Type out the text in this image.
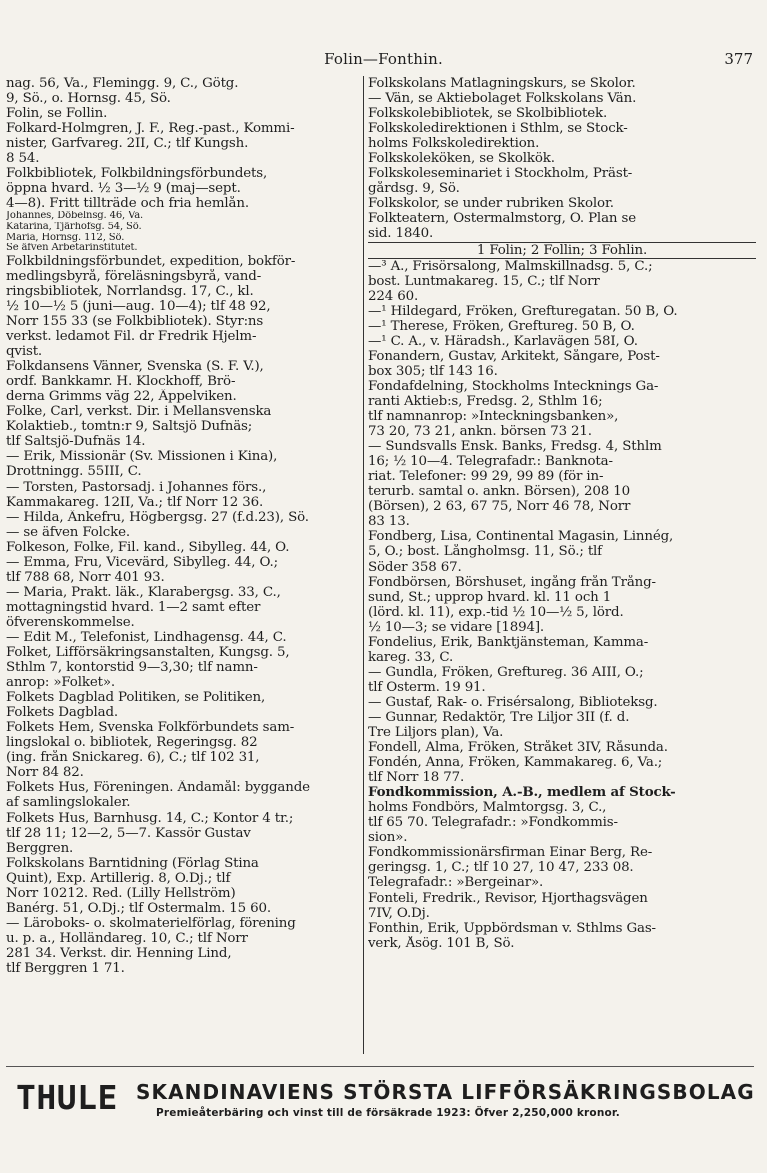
Folin—Fonthin.	377
nag. 56, Va., Flemingg. 9, C., Götg.
9, Sö., o. Hornsg. 45, Sö.
Folin, se Follin.
Folkard-Holmgren, J. F., Reg.-past., Kommi-
nister, Garfvareg. 2II, C.; tlf Kungsh.
8 54.
Folkbibliotek, Folkbildningsförbundets,
öppna hvard. ½ 3—½ 9 (maj—sept.
4—8). Fritt tillträde och fria hemlån.
Johannes, Döbelnsg. 46, Va.
Katarina, Tjärhofsg. 54, Sö.
Maria, Hornsg. 112, Sö.
Se äfven Arbetarinstitutet.
Folkbildningsförbundet, expedition, bokför-
medlingsbyrå, föreläsningsbyrå, vand-
ringsbibliotek, Norrlandsg. 17, C., kl.
½ 10—½ 5 (juni—aug. 10—4); tlf 48 92,
Norr 155 33 (se Folkbibliotek). Styr:ns
verkst. ledamot Fil. dr Fredrik Hjelm-
qvist.
Folkdansens Vänner, Svenska (S. F. V.),
ordf. Bankkamr. H. Klockhoff, Brö-
derna Grimms väg 22, Äppelviken.
Folke, Carl, verkst. Dir. i Mellansvenska
Kolaktieb., tomtn:r 9, Saltsjö Dufnäs;
tlf Saltsjö-Dufnäs 14.
— Erik, Missionär (Sv. Missionen i Kina),
Drottningg. 55III, C.
— Torsten, Pastorsadj. i Johannes förs.,
Kammakareg. 12II, Va.; tlf Norr 12 36.
— Hilda, Änkefru, Högbergsg. 27 (f.d.23), Sö.
— se äfven Folcke.
Folkeson, Folke, Fil. kand., Sibylleg. 44, Ö.
— Emma, Fru, Vicevärd, Sibylleg. 44, Ö.;
tlf 788 68, Norr 401 93.
— Maria, Prakt. läk., Klarabergsg. 33, C.,
mottagningstid hvard. 1—2 samt efter
öfverenskommelse.
— Edit M., Telefonist, Lindhagensg. 44, C.
Folket, Lifförsäkringsanstalten, Kungsg. 5,
Sthlm 7, kontorstid 9—3,30; tlf namn-
anrop: »Folket».
Folkets Dagblad Politiken, se Politiken,
Folkets Dagblad.
Folkets Hem, Svenska Folkförbundets sam-
lingslokal o. bibliotek, Regeringsg. 82
(ing. från Snickareg. 6), C.; tlf 102 31,
Norr 84 82.
Folkets Hus, Föreningen. Ändamål: byggande
af samlingslokaler.
Folkets Hus, Barnhusg. 14, C.; Kontor 4 tr.;
tlf 28 11; 12—2, 5—7. Kassör Gustav
Berggren.
Folkskolans Barntidning (Förlag Stina
Quint), Exp. Artillerig. 8, Ö.Dj.; tlf
Norr 10212. Red. (Lilly Hellström)
Banérg. 51, Ö.Dj.; tlf Östermalm. 15 60.
— Läroboks- o. skolmaterielförlag, förening
u. p. a., Holländareg. 10, C.; tlf Norr
281 34. Verkst. dir. Henning Lind,
tlf Berggren 1 71.
Folkskolans Matlagningskurs, se Skolor.
— Vän, se Aktiebolaget Folkskolans Vän.
Folkskolebibliotek, se Skolbibliotek.
Folkskoledirektionen i Sthlm, se Stock-
holms Folkskoledirektion.
Folkskoleköken, se Skolkök.
Folkskoleseminariet i Stockholm, Präst-
gårdsg. 9, Sö.
Folkskolor, se under rubriken Skolor.
Folkteatern, Östermalmstorg, Ö. Plan se
sid. 1840.
1 Folin; 2 Follin; 3 Fohlin.
—³ A., Frisörsalong, Malmskillnadsg. 5, C.;
bost. Luntmakareg. 15, C.; tlf Norr
224 60.
—¹ Hildegard, Fröken, Grefturegatan. 50 B, Ö.
—¹ Therese, Fröken, Greftureg. 50 B, Ö.
—¹ C. A., v. Häradsh., Karlavägen 58I, Ö.
Fonandern, Gustav, Arkitekt, Sångare, Post-
box 305; tlf 143 16.
Fondafdelning, Stockholms Intecknings Ga-
ranti Aktieb:s, Fredsg. 2, Sthlm 16;
tlf namnanrop: »Inteckningsbanken»,
73 20, 73 21, ankn. börsen 73 21.
— Sundsvalls Ensk. Banks, Fredsg. 4, Sthlm
16; ½ 10—4. Telegrafadr.: Banknota-
riat. Telefoner: 99 29, 99 89 (för in-
terurb. samtal o. ankn. Börsen), 208 10
(Börsen), 2 63, 67 75, Norr 46 78, Norr
83 13.
Fondberg, Lisa, Continental Magasin, Linnég,
5, Ö.; bost. Långholmsg. 11, Sö.; tlf
Söder 358 67.
Fondbörsen, Börshuset, ingång från Trång-
sund, St.; upprop hvard. kl. 11 och 1
(lörd. kl. 11), exp.-tid ½ 10—½ 5, lörd.
½ 10—3; se vidare [1894].
Fondelius, Erik, Banktjänsteman, Kamma-
kareg. 33, C.
— Gundla, Fröken, Greftureg. 36 AIII, Ö.;
tlf Österm. 19 91.
— Gustaf, Rak- o. Frisérsalong, Biblioteksg.
— Gunnar, Redaktör, Tre Liljor 3II (f. d.
Tre Liljors plan), Va.
Fondell, Alma, Fröken, Stråket 3IV, Råsunda.
Fondén, Anna, Fröken, Kammakareg. 6, Va.;
tlf Norr 18 77.
Fondkommission, A.-B., medlem af Stock-
holms Fondbörs, Malmtorgsg. 3, C.,
tlf 65 70. Telegrafadr.: »Fondkommis-
sion».
Fondkommissionärsfirman Einar Berg, Re-
geringsg. 1, C.; tlf 10 27, 10 47, 233 08.
Telegrafadr.: »Bergeinar».
Fonteli, Fredrik., Revisor, Hjorthagsvägen
7IV, Ö.Dj.
Fonthin, Erik, Uppbördsman v. Sthlms Gas-
verk, Åsög. 101 B, Sö.
THULE SKANDINAVIENS STÖRSTA LIFFÖRSÄKRINGSBOLAG
Premieåterbäring och vinst till de försäkrade 1923: Öfver 2,250,000 kronor.
